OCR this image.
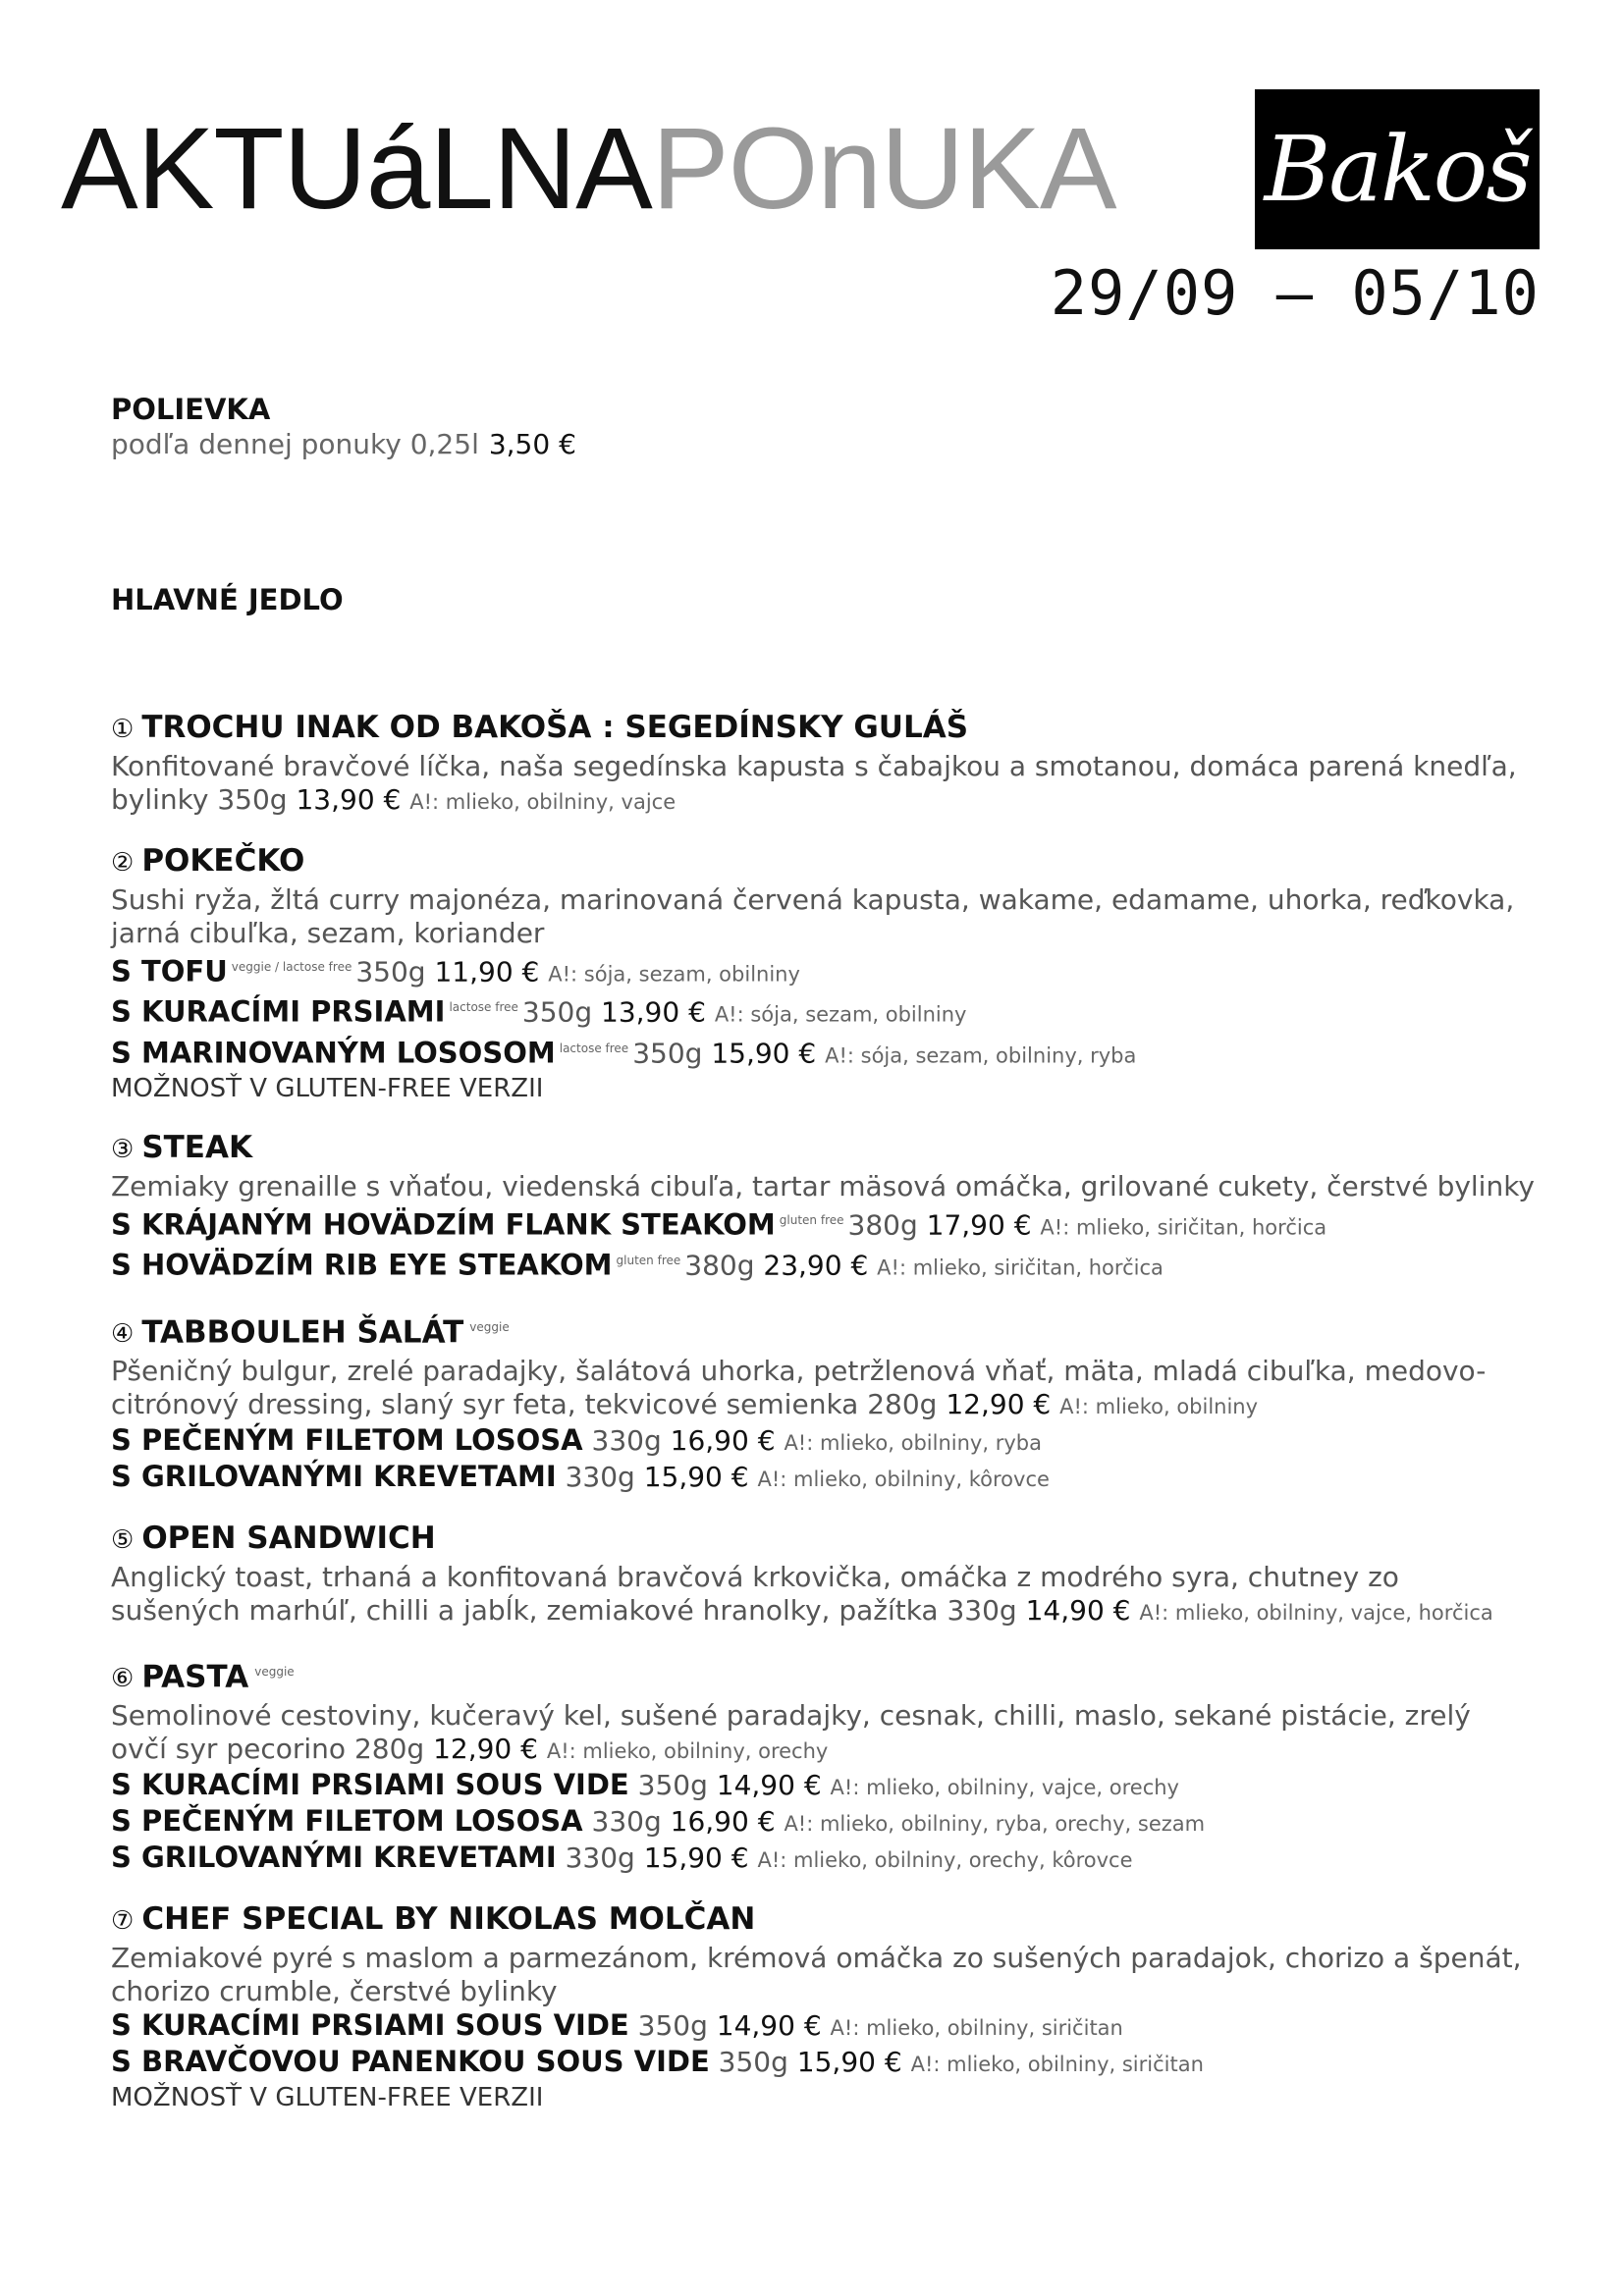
AKTUáLNAPOnUKA Bakoš
29/09 – 05/10

POLIEVKA

podľa dennej ponuky 0,25l 3,50 €

HLAVNÉ JEDLO

① TROCHU INAK OD BAKOŠA : SEGEDÍNSKY GULÁŠ

Konfitované bravčové líčka, naša segedínska kapusta s čabajkou a smotanou, domáca parená knedľa, bylinky 350g 13,90 € A!: mlieko, obilniny, vajce

② POKEČKO

Sushi ryža, žltá curry majonéza, marinovaná červená kapusta, wakame, edamame, uhorka, reďkovka, jarná cibuľka, sezam, koriander

S TOFU $^{veggie / lactose free}$ 350g 11,90 € A!: sója, sezam, obilniny
S KURACÍMI PRSIAMI $^{lactose free}$ 350g 13,90 € A!: sója, sezam, obilniny
S MARINOVANÝM LOSOSOM $^{lactose free}$ 350g 15,90 € A!: sója, sezam, obilniny, ryba
MOŽNOSŤ V GLUTEN-FREE VERZII
③ STEAK

Zemiaky grenaille s vňaťou, viedenská cibuľa, tartar mäsová omáčka, grilované cukety, čerstvé bylinky

S KRÁJANÝM HOVÄDZÍM FLANK STEAKOM $^{gluten free}$ 380g 17,90 € A!: mlieko, siričitan, horčica
S HOVÄDZÍM RIB EYE STEAKOM $^{gluten free}$ 380g 23,90 € A!: mlieko, siričitan, horčica
④ TABBOULEH ŠALÁT $^{veggie}$

Pšeničný bulgur, zrelé paradajky, šalátová uhorka, petržlenová vňať, mäta, mladá cibuľka, medovo-citrónový dressing, slaný syr feta, tekvicové semienka 280g 12,90 € A!: mlieko, obilniny

S PEČENÝM FILETOM LOSOSA 330g 16,90 € A!: mlieko, obilniny, ryba
S GRILOVANÝMI KREVETAMI 330g 15,90 € A!: mlieko, obilniny, kôrovce
⑤ OPEN SANDWICH

Anglický toast, trhaná a konfitovaná bravčová krkovička, omáčka z modrého syra, chutney zo sušených marhúľ, chilli a jabĺk, zemiakové hranolky, pažítka 330g 14,90 € A!: mlieko, obilniny, vajce, horčica

⑥ PASTA $^{veggie}$

Semolinové cestoviny, kučeravý kel, sušené paradajky, cesnak, chilli, maslo, sekané pistácie, zrelý ovčí syr pecorino 280g 12,90 € A!: mlieko, obilniny, orechy

S KURACÍMI PRSIAMI SOUS VIDE 350g 14,90 € A!: mlieko, obilniny, vajce, orechy
S PEČENÝM FILETOM LOSOSA 330g 16,90 € A!: mlieko, obilniny, ryba, orechy, sezam
S GRILOVANÝMI KREVETAMI 330g 15,90 € A!: mlieko, obilniny, orechy, kôrovce
⑦ CHEF SPECIAL BY NIKOLAS MOLČAN

Zemiakové pyré s maslom a parmezánom, krémová omáčka zo sušených paradajok, chorizo a špenát, chorizo crumble, čerstvé bylinky

S KURACÍMI PRSIAMI SOUS VIDE 350g 14,90 € A!: mlieko, obilniny, siričitan
S BRAVČOVOU PANENKOU SOUS VIDE 350g 15,90 € A!: mlieko, obilniny, siričitan
MOŽNOSŤ V GLUTEN-FREE VERZII
